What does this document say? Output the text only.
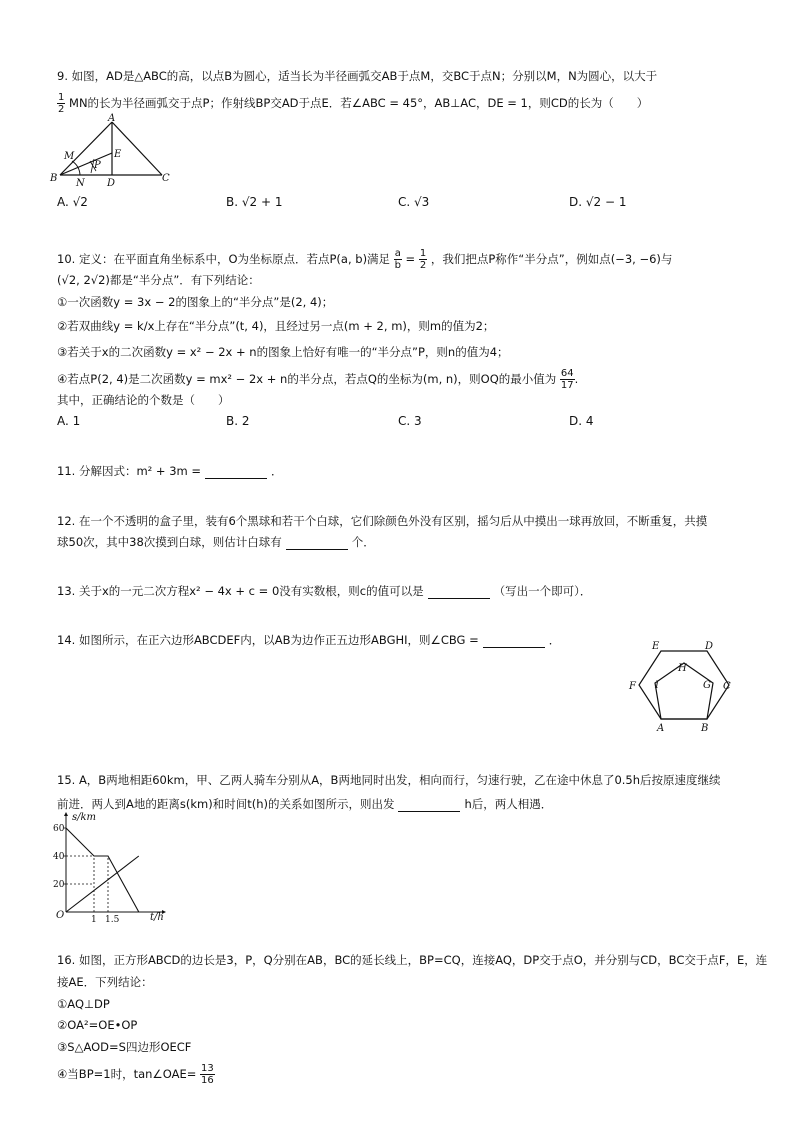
9. 如图，AD是△ABC的高，以点B为圆心，适当长为半径画弧交AB于点M，交BC于点N；分别以M，N为圆心，以大于
$\frac{1}{2}$ MN的长为半径画弧交于点P；作射线BP交AD于点E．若∠ABC = 45°，AB⊥AC，DE = 1，则CD的长为（　　）
A
B	C
D
E
M
N
P
A. √2	B. √2 + 1	C. √3	D. √2 − 1
10. 定义：在平面直角坐标系中，O为坐标原点．若点P(a, b)满足 $\frac{a}{b} = \frac{1}{2}$ ，我们把点P称作“半分点”，例如点(−3, −6)与
(√2, 2√2)都是“半分点”．有下列结论：
①一次函数y = 3x − 2的图象上的“半分点”是(2, 4)；
②若双曲线y = k/x上存在“半分点”(t, 4)，且经过另一点(m + 2, m)，则m的值为2；
③若关于x的二次函数y = x² − 2x + n的图象上恰好有唯一的“半分点”P，则n的值为4；
④若点P(2, 4)是二次函数y = mx² − 2x + n的半分点，若点Q的坐标为(m, n)，则OQ的最小值为 $\frac{64}{17}$ .
其中，正确结论的个数是（　　）
A. 1	B. 2	C. 3	D. 4
11. 分解因式：m² + 3m =	．
12. 在一个不透明的盒子里，装有6个黑球和若干个白球，它们除颜色外没有区别，摇匀后从中摸出一球再放回，不断重复，共摸
球50次，其中38次摸到白球，则估计白球有	个．
13. 关于x的一元二次方程x² − 4x + c = 0没有实数根，则c的值可以是	（写出一个即可）．
14. 如图所示，在正六边形ABCDEF内，以AB为边作正五边形ABGHI，则∠CBG =	．	E	D
F	C
A	B
H
G
I
15. A，B两地相距60km，甲、乙两人骑车分别从A，B两地同时出发，相向而行，匀速行驶，乙在途中休息了0.5h后按原速度继续
前进．两人到A地的距离s(km)和时间t(h)的关系如图所示，则出发	h后，两人相遇．
s/km
t/h
O
20
40
60
1 1.5
16. 如图，正方形ABCD的边长是3，P，Q分别在AB，BC的延长线上，BP=CQ，连接AQ，DP交于点O，并分别与CD，BC交于点F，E，连
接AE．下列结论：
①AQ⊥DP
②OA²=OE•OP
③S△AOD=S四边形OECF
④当BP=1时，tan∠OAE= $\frac{13}{16}$
